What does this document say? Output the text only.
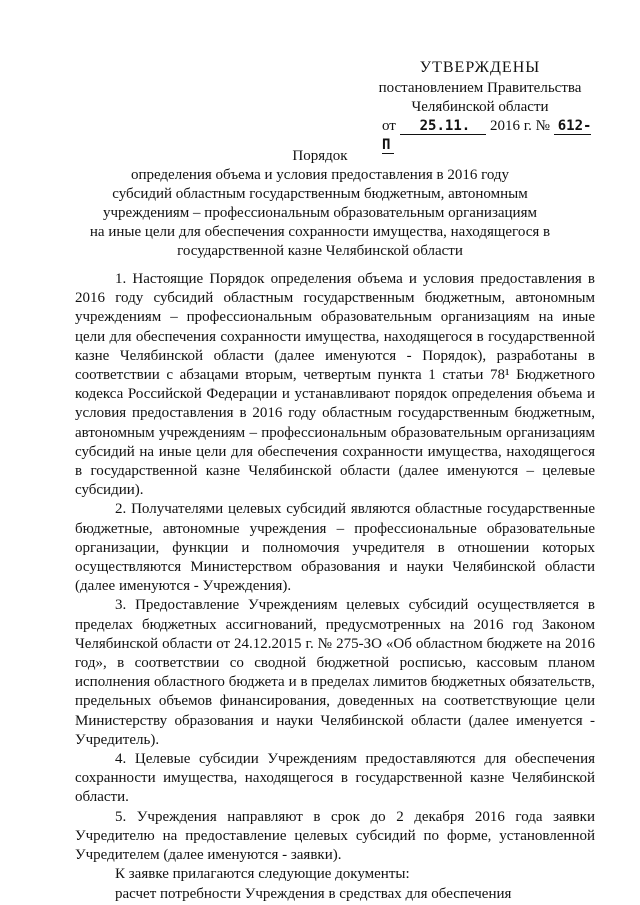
УТВЕРЖДЕНЫ
постановлением Правительства
Челябинской области
от 25.11. 2016 г. № 612-П
Порядок
определения объема и условия предоставления в 2016 году
субсидий областным государственным бюджетным, автономным
учреждениям – профессиональным образовательным организациям
на иные цели для обеспечения сохранности имущества, находящегося в
государственной казне Челябинской области

1. Настоящие Порядок определения объема и условия предоставления в 2016 году субсидий областным государственным бюджетным, автономным учреждениям – профессиональным образовательным организациям на иные цели для обеспечения сохранности имущества, находящегося в государственной казне Челябинской области (далее именуются - Порядок), разработаны в соответствии с абзацами вторым, четвертым пункта 1 статьи 78¹ Бюджетного кодекса Российской Федерации и устанавливают порядок определения объема и условия предоставления в 2016 году областным государственным бюджетным, автономным учреждениям – профессиональным образовательным организациям субсидий на иные цели для обеспечения сохранности имущества, находящегося в государственной казне Челябинской области (далее именуются – целевые субсидии).

2. Получателями целевых субсидий являются областные государственные бюджетные, автономные учреждения – профессиональные образовательные организации, функции и полномочия учредителя в отношении которых осуществляются Министерством образования и науки Челябинской области (далее именуются - Учреждения).

3. Предоставление Учреждениям целевых субсидий осуществляется в пределах бюджетных ассигнований, предусмотренных на 2016 год Законом Челябинской области от 24.12.2015 г. № 275-ЗО «Об областном бюджете на 2016 год», в соответствии со сводной бюджетной росписью, кассовым планом исполнения областного бюджета и в пределах лимитов бюджетных обязательств, предельных объемов финансирования, доведенных на соответствующие цели Министерству образования и науки Челябинской области (далее именуется - Учредитель).

4. Целевые субсидии Учреждениям предоставляются для обеспечения сохранности имущества, находящегося в государственной казне Челябинской области.

5. Учреждения направляют в срок до 2 декабря 2016 года заявки Учредителю на предоставление целевых субсидий по форме, установленной Учредителем (далее именуются - заявки).

К заявке прилагаются следующие документы:

расчет потребности Учреждения в средствах для обеспечения
